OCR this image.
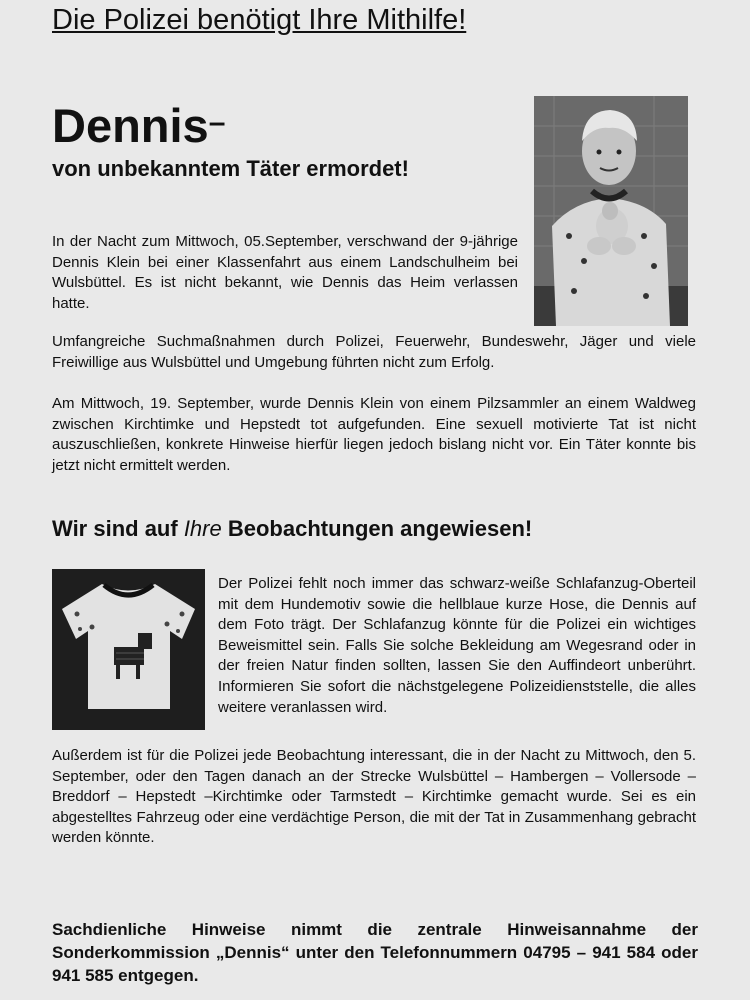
Die Polizei benötigt Ihre Mithilfe!
Dennis–
von unbekanntem Täter ermordet!

In der Nacht zum Mittwoch, 05.September, verschwand der 9-jährige Dennis Klein bei einer Klassenfahrt aus einem Landschulheim bei Wulsbüttel. Es ist nicht bekannt, wie Dennis das Heim verlassen hatte.

Umfangreiche Suchmaßnahmen durch Polizei, Feuerwehr, Bundeswehr, Jäger und viele Freiwillige aus Wulsbüttel und Umgebung führten nicht zum Erfolg.

Am Mittwoch, 19. September, wurde Dennis Klein von einem Pilzsammler an einem Waldweg zwischen Kirchtimke und Hepstedt tot aufgefunden. Eine sexuell motivierte Tat ist nicht auszuschließen, konkrete Hinweise hierfür liegen jedoch bislang nicht vor. Ein Täter konnte bis jetzt nicht ermittelt werden.

Wir sind auf Ihre Beobachtungen angewiesen!

Der Polizei fehlt noch immer das schwarz-weiße Schlafanzug-Oberteil mit dem Hundemotiv sowie die hellblaue kurze Hose, die Dennis auf dem Foto trägt. Der Schlafanzug könnte für die Polizei ein wichtiges Beweismittel sein. Falls Sie solche Bekleidung am Wegesrand oder in der freien Natur finden sollten, lassen Sie den Auffindeort unberührt. Informieren Sie sofort die nächstgelegene Polizeidienststelle, die alles weitere veranlassen wird.

Außerdem ist für die Polizei jede Beobachtung interessant, die in der Nacht zu Mittwoch, den 5. September, oder den Tagen danach an der Strecke Wulsbüttel – Hambergen – Vollersode – Breddorf – Hepstedt –Kirchtimke oder Tarmstedt – Kirchtimke gemacht wurde. Sei es ein abgestelltes Fahrzeug oder eine verdächtige Person, die mit der Tat in Zusammenhang gebracht werden könnte.

Sachdienliche Hinweise nimmt die zentrale Hinweisannahme der Sonderkommission „Dennis“ unter den Telefonnummern 04795 – 941 584 oder 941 585 entgegen.
